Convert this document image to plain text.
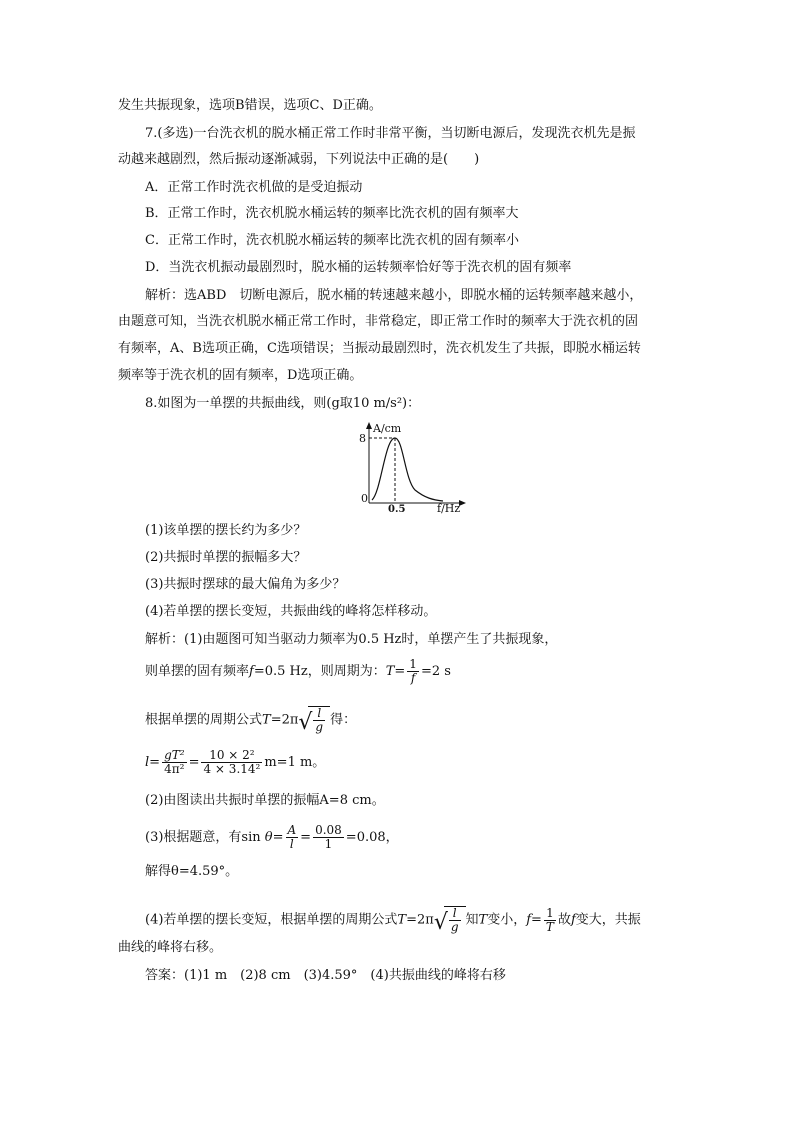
发生共振现象，选项B错误，选项C、D正确。
7.(多选)一台洗衣机的脱水桶正常工作时非常平衡，当切断电源后，发现洗衣机先是振
动越来越剧烈，然后振动逐渐减弱，下列说法中正确的是(　　)
A．正常工作时洗衣机做的是受迫振动
B．正常工作时，洗衣机脱水桶运转的频率比洗衣机的固有频率大
C．正常工作时，洗衣机脱水桶运转的频率比洗衣机的固有频率小
D．当洗衣机振动最剧烈时，脱水桶的运转频率恰好等于洗衣机的固有频率
解析：选ABD　切断电源后，脱水桶的转速越来越小，即脱水桶的运转频率越来越小，
由题意可知，当洗衣机脱水桶正常工作时，非常稳定，即正常工作时的频率大于洗衣机的固
有频率，A、B选项正确，C选项错误；当振动最剧烈时，洗衣机发生了共振，即脱水桶运转
频率等于洗衣机的固有频率，D选项正确。
8.如图为一单摆的共振曲线，则(g取10 m/s²)：
A/cm
8
0
0.5	f/Hz
(1)该单摆的摆长约为多少？
(2)共振时单摆的振幅多大？
(3)共振时摆球的最大偏角为多少？
(4)若单摆的摆长变短，共振曲线的峰将怎样移动。
解析：(1)由题图可知当驱动力频率为0.5 Hz时，单摆产生了共振现象，
则单摆的固有频率f=0.5 Hz，则周期为：$T= \frac{1}{f} =2$ s
根据单摆的周期公式T=2π √ $\frac{l}{g}$ 得：
$l= \frac{\text{gT²}}{\text{4π²}} = \frac{\text{10 × 2²}}{\text{4 × 3.14²}} m=1$ m。
(2)由图读出共振时单摆的振幅A=8 cm。
(3)根据题意，有$\sin \theta= \frac{A}{l} = \frac{0.08}{1} =0.08$，
解得θ=4.59°。
(4)若单摆的摆长变短，根据单摆的周期公式T=2π √ $\frac{l}{g}$ 知T变小，$f= \frac{1}{T}$ 故f变大，共振
曲线的峰将右移。
答案：(1)1 m　(2)8 cm　(3)4.59°　(4)共振曲线的峰将右移
